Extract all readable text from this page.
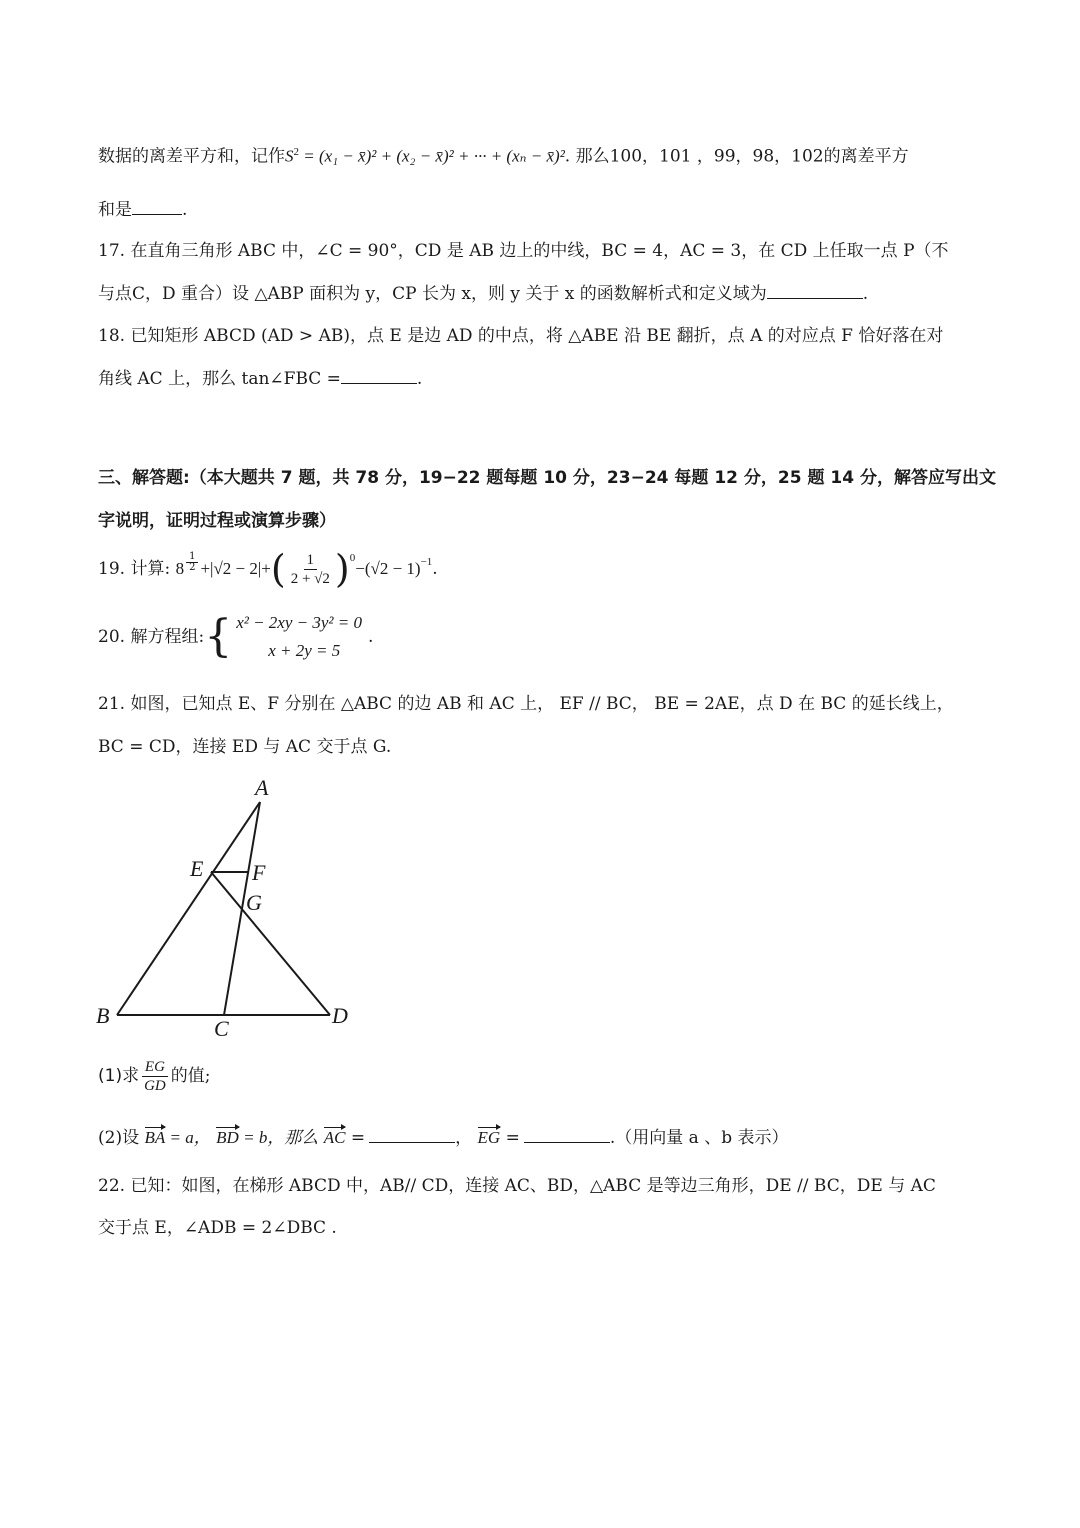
数据的离差平方和，记作$S^2 = (x_1$ − x̄)² + (x₂ − x̄)² + ··· + (xₙ − x̄)². 那么100，101 ，99，98，102的离差平方
和是	.
17. 在直角三角形 ABC 中，∠C = 90°，CD 是 AB 边上的中线，BC = 4，AC = 3，在 CD 上任取一点 P（不
与点C，D 重合）设 △ABP 面积为 y，CP 长为 x，则 y 关于 x 的函数解析式和定义域为	.
18. 已知矩形 ABCD (AD > AB)，点 E 是边 AD 的中点，将 △ABE 沿 BE 翻折，点 A 的对应点 F 恰好落在对
角线 AC 上，那么 tan∠FBC =	.
三、解答题:（本大题共 7 题，共 78 分，19−22 题每题 10 分，23−24 每题 12 分，25 题 14 分，解答应写出文
字说明，证明过程或演算步骤）
19.
计算:
$8 \frac{1}{2} +|√2 - 2|+$ ( $\frac{1}{2 + √2} )^0$
$-(√2 - 1)^{-1}$ .
20.
解方程组: { x² − 2xy − 3y² = 0
x + 2y = 5
.
21. 如图，已知点 E、F 分别在 △ABC 的边 AB 和 AC 上， EF // BC， BE = 2AE，点 D 在 BC 的延长线上，
BC = CD，连接 ED 与 AC 交于点 G.
A
E F
G
B
C
D
(1)求 $\frac{EG}{GD}$ 的值;
(2)设 BA = a， BD = b，那么 AC =	， EG =	.（用向量 a 、b 表示）
22. 已知：如图，在梯形 ABCD 中，AB// CD，连接 AC、BD，△ABC 是等边三角形，DE // BC，DE 与 AC
交于点 E，∠ADB = 2∠DBC .
